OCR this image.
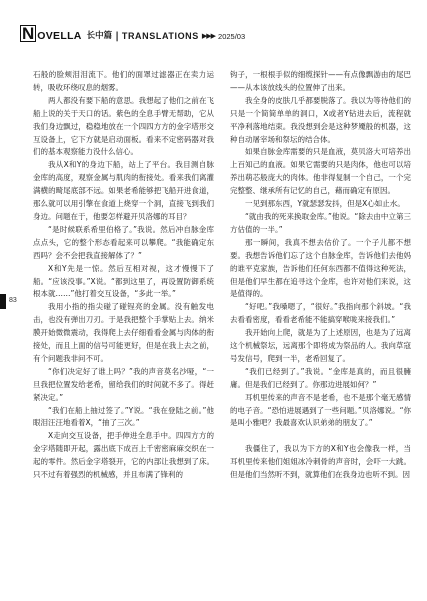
N OVELLA 长中篇 | TRANSLATIONS ▶▶▶ 2025/03
83

石般的脸颊泪泪流下。他们的面罩过滤器正在卖力运转，吸收环绕叹息的烟雾。

两人都没有要下船的意思。我想起了他们之前在飞船上说的关于天口的话。紫色的全息手臂无帮助，它从我们身边飘过，稳稳地放在一个四四方方的金字塔形交互设备上，它下方就是启动面板。看来不定密码器对我们的基本观察能力没什么信心。

我从X和Y的身边下船，站上了平台。我目测自脉金库的高度，观察金属与肌肉的衔接处。看来我们离灌满横的畸尾底部不远。如果老希能够把飞船开进食道，那么就可以用引擎在食道上烧穿一个洞，直接飞到我们身边。问题在于，他要怎样避开贝洛娜的耳目？

“是时候联系希里伯格了。”我说。然后冲自脉金库点点头，它的整个形态看起来可以攀爬。“我能确定东西吗？会不会把我直接解体了？”

X和Y先是一惊。然后互相对视，这才慢慢下了船。“应该没事。”X说。“都到这里了，再设置防御系统根本就……”他打着交互设备，“多此一举。”

我用小指的指尖碰了碰锃亮的金属。没有触发电击，也没有弹出刀刃。于是我把整个手掌贴上去。纳米膜开始微微震动，我得爬上去仔细看看金属与肉体的衔接处，而且上面的信号可能更好，但是在我上去之前，有个问题我非问不可。

“你们决定好了谁上吗？”我的声音莫名沙哑，“一旦我把位置发给老希，留给我们的时间就不多了。得赶紧决定。”

“我们在船上抽过签了。”Y说。“我在登陆之前。”他眼泪汪汪地看着X，“抽了三次。”

X走向交互设备，把手伸进全息手中。四四方方的金字塔随即开起，露出底下成百上千密密麻麻交织在一起的零件。然后金字塔裂开，它的内部让我想到了床。只不过有着强烈的机械感，并且布满了锋利的

钩子，一根根手似的细缆探针——有点像飘游由的尾巴——从本该放线头的位置伸了出来。

我全身的皮肤几乎都要脱落了。我以为等待他们的只是一个简简单单的洞口，X或者Y钻进去后，流程就平净利落地结束。我没想到会是这种梦魇般的机器，这种自动屠宰场和祭坛的结合体。

如果自脉金库需要的只是血液，莫贝洛大可培养出上百知己的血液。如果它需要的只是肉体，他也可以培养出萌芯般庞大的肉体。他非得复制一个自己，一个完完整整、继承所有记忆的自己，藉而确定有原因。

一见到那东西，Y就瑟瑟发抖，但是X心如止水。

“就由我的死来换取金库。”他说。“除去由中立第三方估值的一半。”

那一瞬间，我真不想去估价了。一个子儿都不想要。我想告诉他们忘了这个自脉金库，告诉他们去他妈的谁平克家族，告诉他们任何东西都不值得这种死法，但是他们早生都在追寻这个金库，也许对他们来说，这是值得的。

“好吧。”我嗓嗯了，“很好。”我指向那个斜坡。“我去看看密度，看看老希能不能搞穿喉咙来接我们。”

我开始向上爬，就是为了上述原因，也是为了远离这个机械祭坛，远离那个即将成为祭品的人。我向草寇号发信号，爬到一半，老希回复了。

“我们已经到了。”我说。“金库是真的，而且很臃庸。但是我们已经到了。你那边进展如何？”

耳机里传来的声音不是老希，也不是那个毫无感情的电子音。“恐怕进展遇到了一些问题。”贝洛娜说。“你是叫小雅吧？我最喜欢认识弟弟的朋友了。”

我僵住了，我以为下方的X和Y也会像我一样，当耳机里传来他们姐姐冰冷刺骨的声音时，会吓一大跳。但是他们当然听不到，就算他们在我身边也听不到。因
